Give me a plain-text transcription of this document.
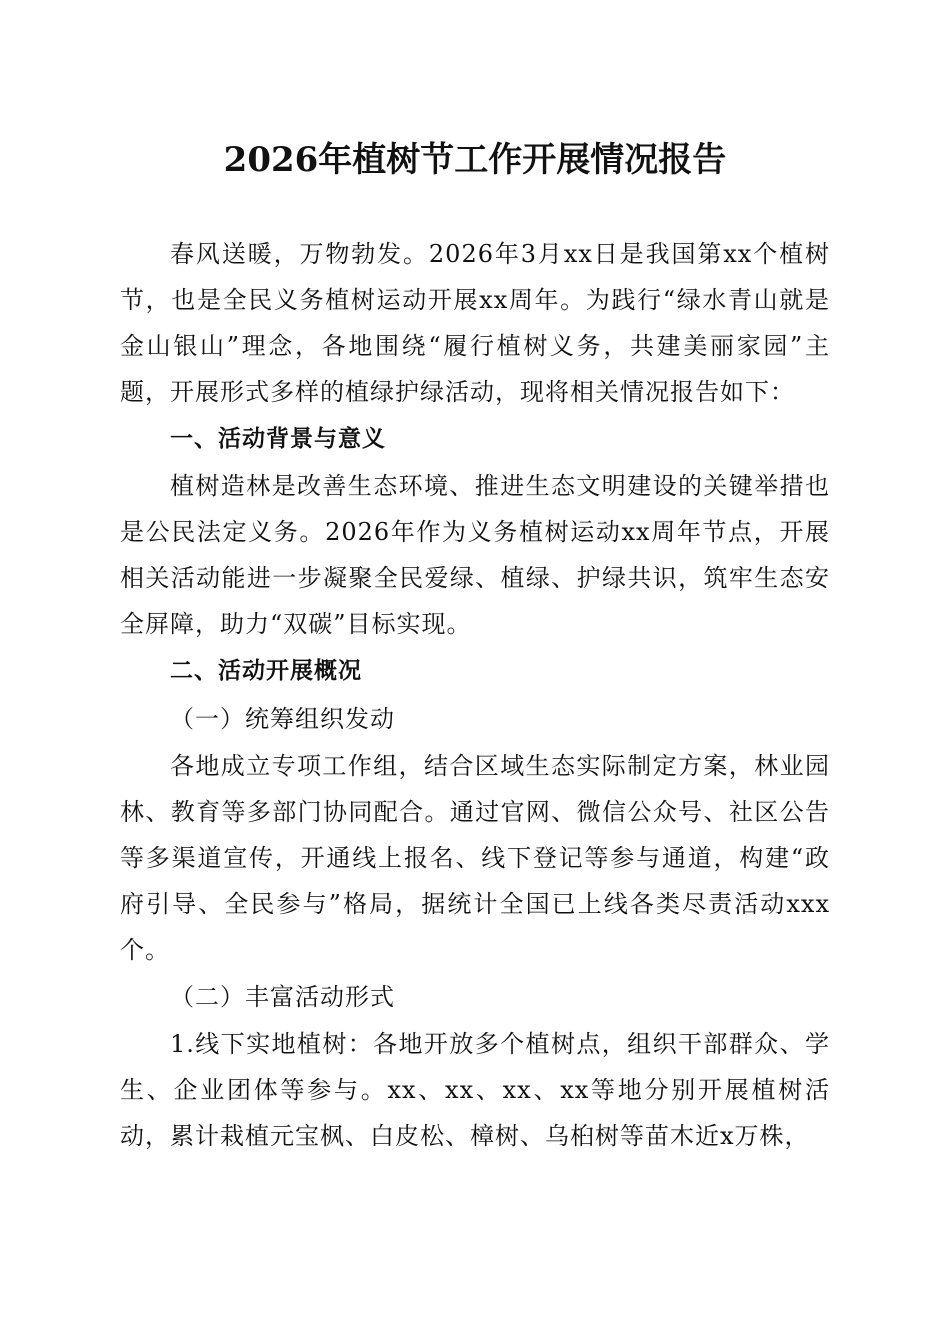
2026年植树节工作开展情况报告

春风送暖，万物勃发。2026年3月xx日是我国第xx个植树节，也是全民义务植树运动开展xx周年。为践行“绿水青山就是金山银山”理念，各地围绕“履行植树义务，共建美丽家园”主题，开展形式多样的植绿护绿活动，现将相关情况报告如下：

一、活动背景与意义

植树造林是改善生态环境、推进生态文明建设的关键举措也是公民法定义务。2026年作为义务植树运动xx周年节点，开展相关活动能进一步凝聚全民爱绿、植绿、护绿共识，筑牢生态安全屏障，助力“双碳”目标实现。

二、活动开展概况

（一）统筹组织发动

各地成立专项工作组，结合区域生态实际制定方案，林业园林、教育等多部门协同配合。通过官网、微信公众号、社区公告等多渠道宣传，开通线上报名、线下登记等参与通道，构建“政府引导、全民参与”格局，据统计全国已上线各类尽责活动xxx个。

（二）丰富活动形式

1.线下实地植树：各地开放多个植树点，组织干部群众、学生、企业团体等参与。xx、xx、xx、xx等地分别开展植树活动，累计栽植元宝枫、白皮松、樟树、乌桕树等苗木近x万株，
